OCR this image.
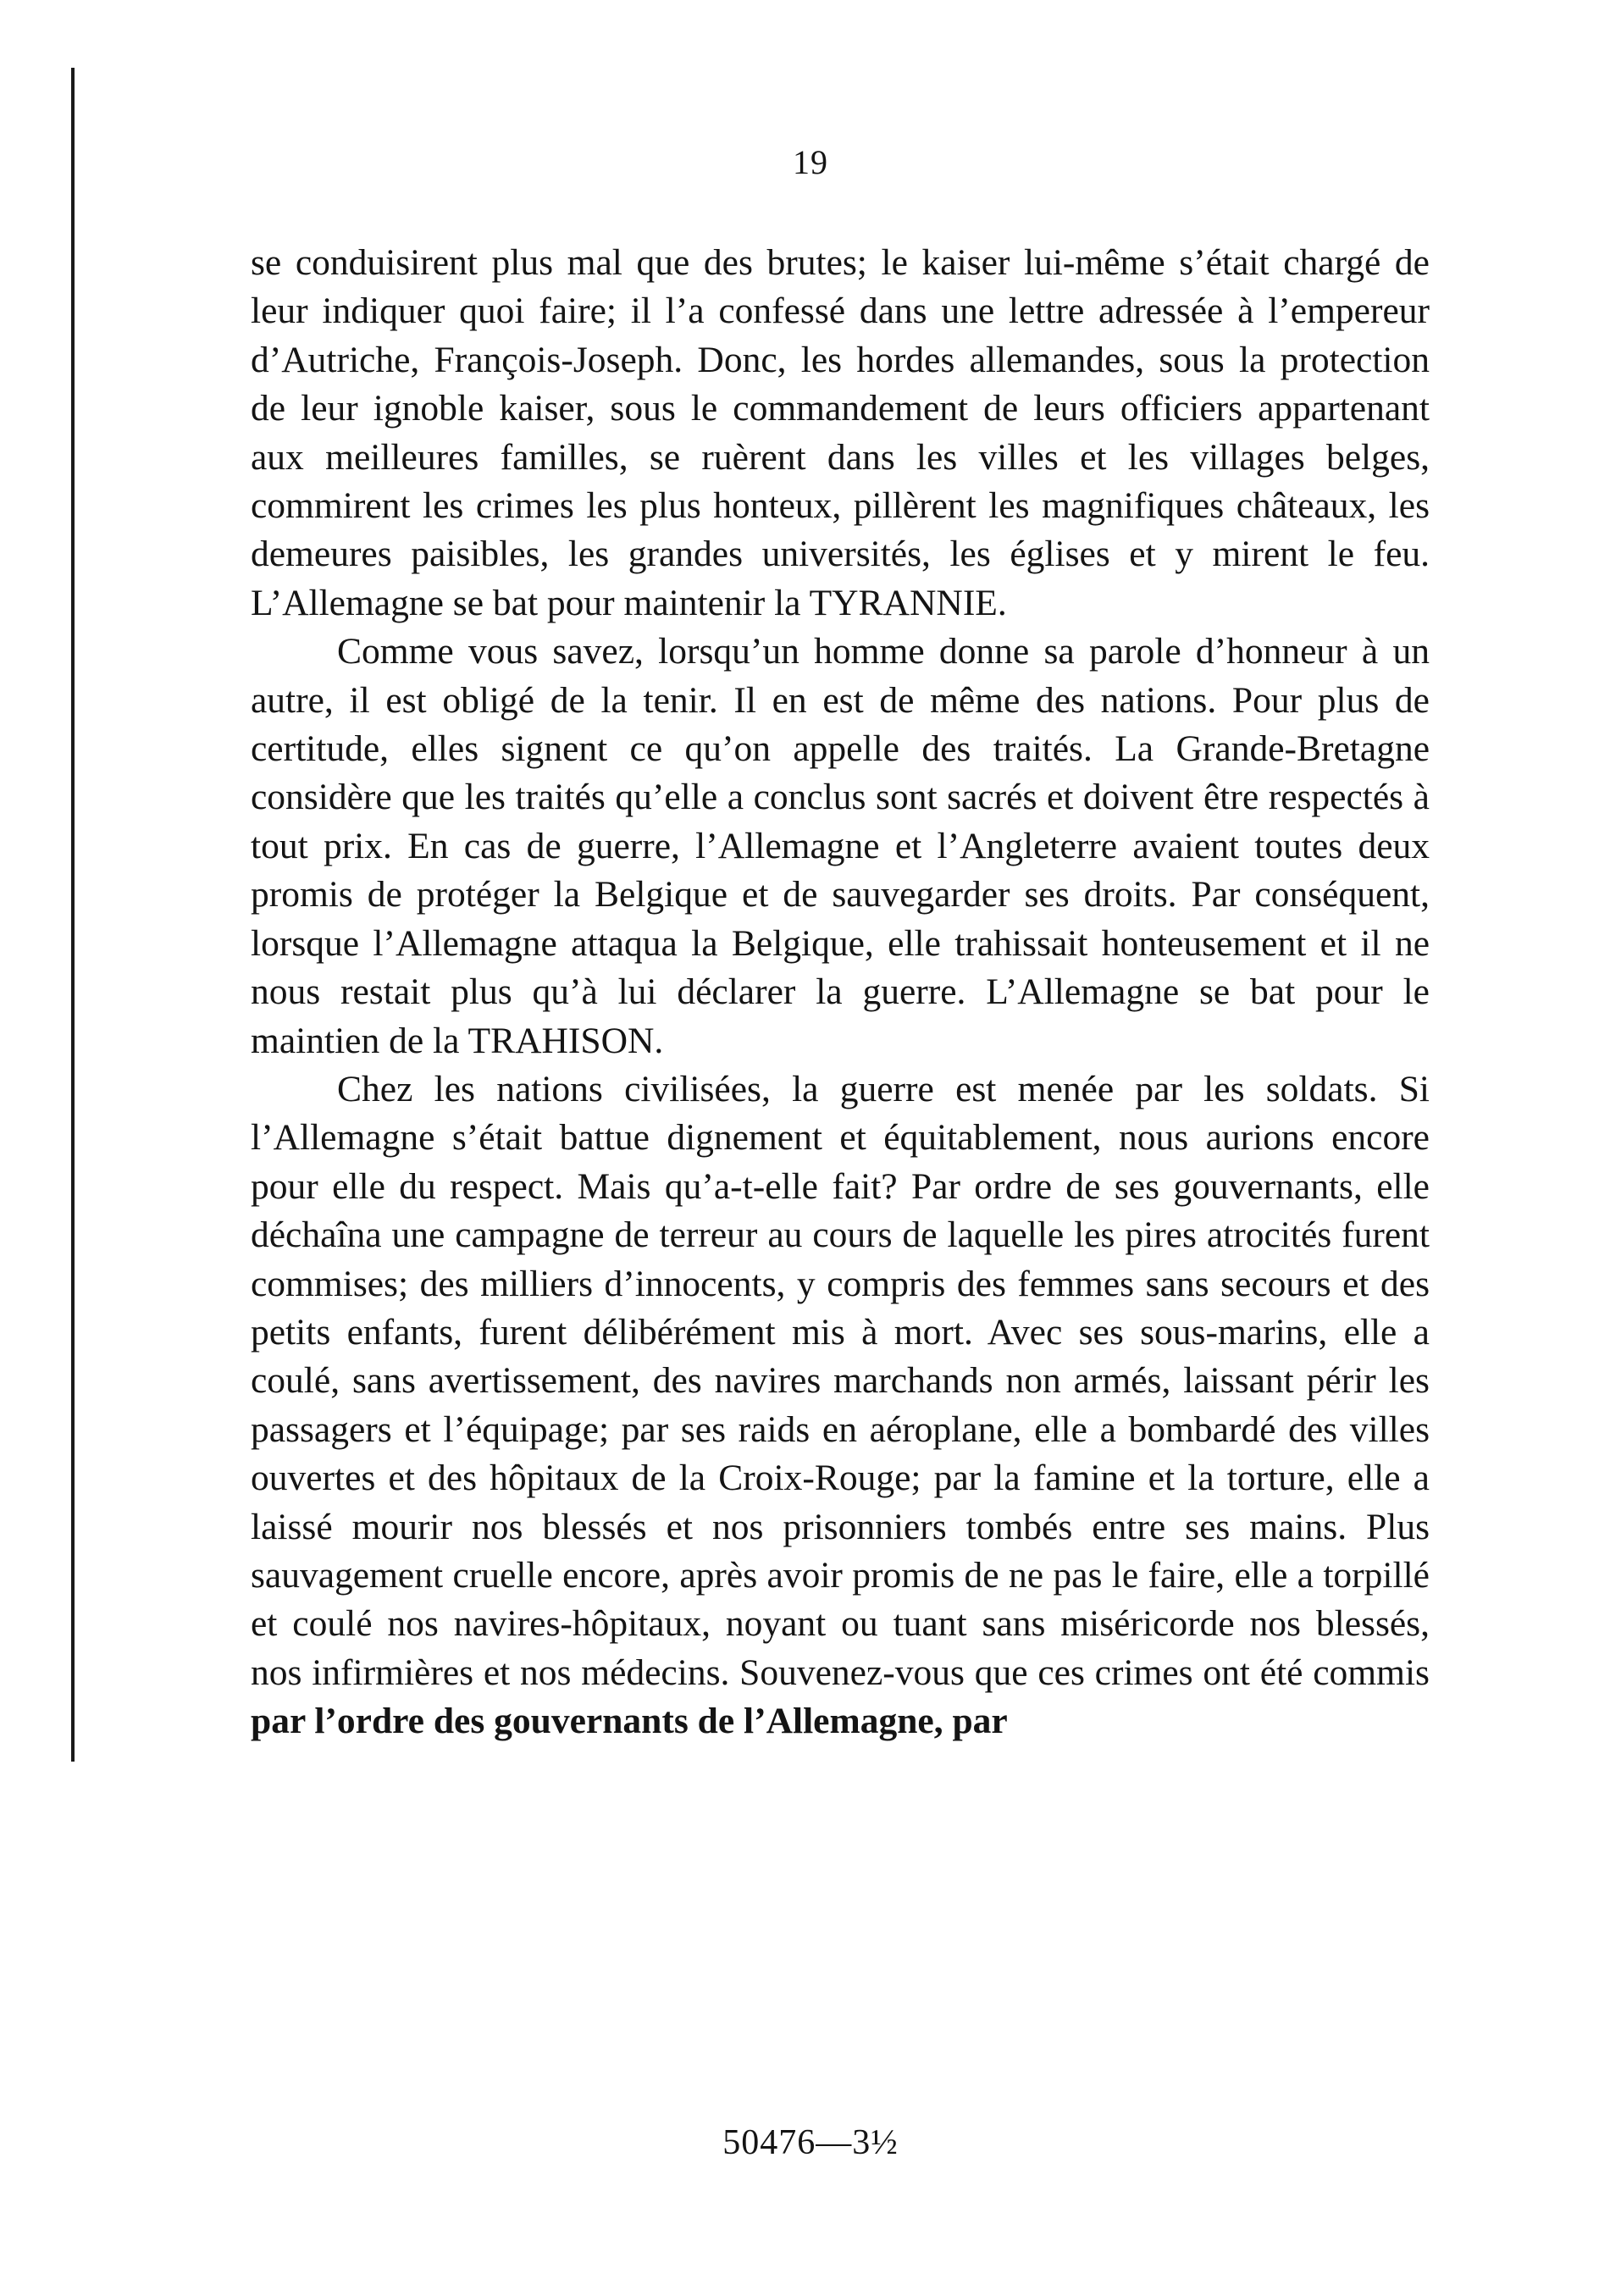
19

se conduisirent plus mal que des brutes; le kaiser lui-même s’était chargé de leur indiquer quoi faire; il l’a confessé dans une lettre adressée à l’empereur d’Autriche, François-Joseph. Donc, les hordes allemandes, sous la protection de leur ignoble kaiser, sous le commandement de leurs officiers appartenant aux meilleures familles, se ruèrent dans les villes et les villages belges, commirent les crimes les plus honteux, pillèrent les magnifiques châteaux, les demeures paisibles, les grandes universités, les églises et y mirent le feu. L’Allemagne se bat pour maintenir la TYRANNIE.

Comme vous savez, lorsqu’un homme donne sa parole d’honneur à un autre, il est obligé de la tenir. Il en est de même des nations. Pour plus de certitude, elles signent ce qu’on appelle des traités. La Grande-Bretagne considère que les traités qu’elle a conclus sont sacrés et doivent être respectés à tout prix. En cas de guerre, l’Allemagne et l’Angleterre avaient toutes deux promis de protéger la Belgique et de sauvegarder ses droits. Par conséquent, lorsque l’Allemagne attaqua la Belgique, elle trahissait honteusement et il ne nous restait plus qu’à lui déclarer la guerre. L’Allemagne se bat pour le maintien de la TRAHISON.

Chez les nations civilisées, la guerre est menée par les soldats. Si l’Allemagne s’était battue dignement et équitablement, nous aurions encore pour elle du respect. Mais qu’a-t-elle fait? Par ordre de ses gouvernants, elle déchaîna une campagne de terreur au cours de laquelle les pires atrocités furent commises; des milliers d’innocents, y compris des femmes sans secours et des petits enfants, furent délibérément mis à mort. Avec ses sous-marins, elle a coulé, sans avertissement, des navires marchands non armés, laissant périr les passagers et l’équipage; par ses raids en aéroplane, elle a bombardé des villes ouvertes et des hôpitaux de la Croix-Rouge; par la famine et la torture, elle a laissé mourir nos blessés et nos prisonniers tombés entre ses mains. Plus sauvagement cruelle encore, après avoir promis de ne pas le faire, elle a torpillé et coulé nos navires-hôpitaux, noyant ou tuant sans miséricorde nos blessés, nos infirmières et nos médecins. Souvenez-vous que ces crimes ont été commis par l’ordre des gouvernants de l’Allemagne, par

50476—3½
